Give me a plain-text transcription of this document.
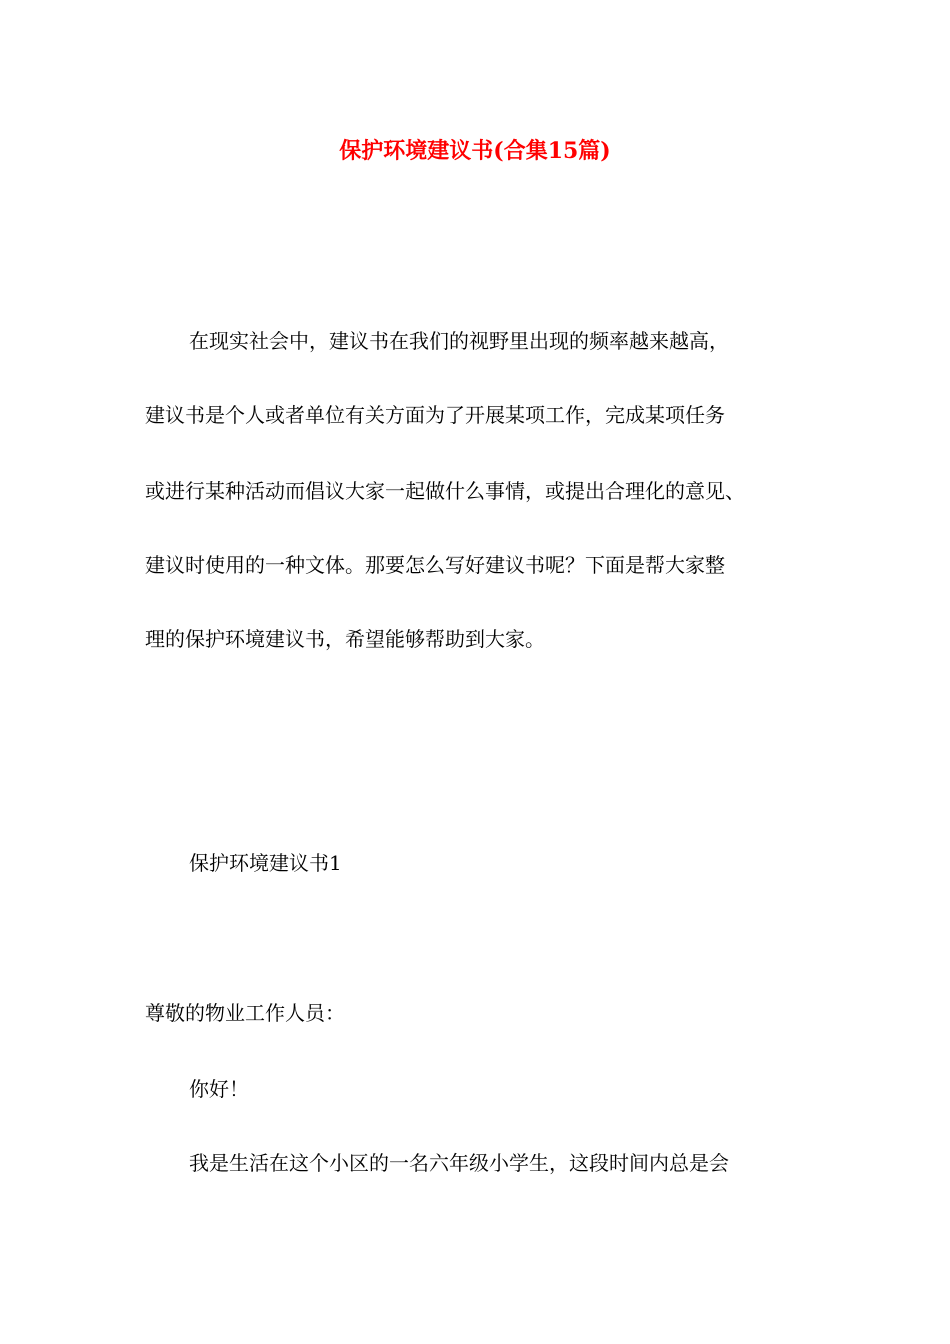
保护环境建议书(合集15篇)
在现实社会中，建议书在我们的视野里出现的频率越来越高，
建议书是个人或者单位有关方面为了开展某项工作，完成某项任务
或进行某种活动而倡议大家一起做什么事情，或提出合理化的意见、
建议时使用的一种文体。那要怎么写好建议书呢？下面是帮大家整
理的保护环境建议书，希望能够帮助到大家。
保护环境建议书1
尊敬的物业工作人员：
你好！
我是生活在这个小区的一名六年级小学生，这段时间内总是会
